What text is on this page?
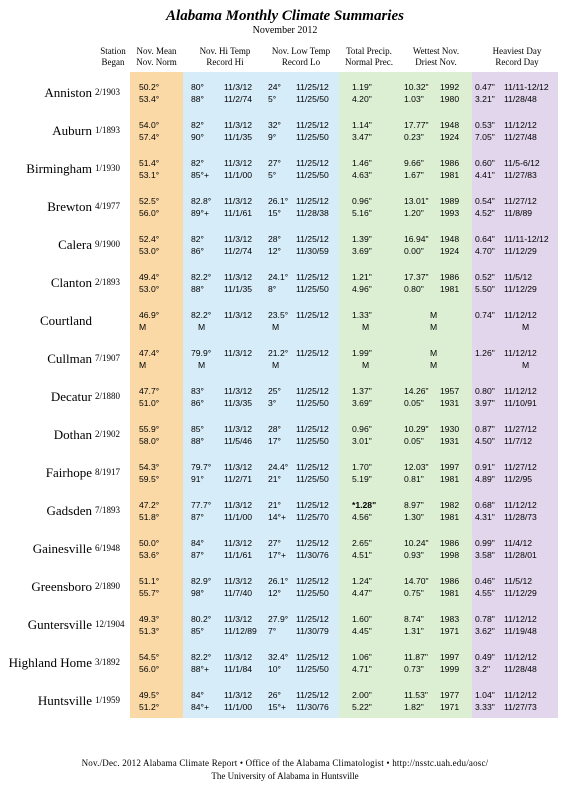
Alabama Monthly Climate Summaries
November 2012
Station
Began
Nov. Mean
Nov. Norm
Nov. Hi Temp
Record Hi
Nov. Low Temp
Record Lo
Total Precip.
Normal Prec.
Wettest Nov.
Driest Nov.
Heaviest Day
Record Day
Anniston 2/1903 50.2°
53.4°
80° 11/3/12
88° 11/2/74
24° 11/25/12
5° 11/25/50
1.19"
4.20"
10.32" 1992
1.03" 1980
0.47" 11/11-12/12
3.21" 11/28/48
Auburn 1/1893 54.0°
57.4°
82° 11/3/12
90° 11/1/35
32° 11/25/12
9° 11/25/50
1.14"
3.47"
17.77" 1948
0.23" 1924
0.53" 11/12/12
7.05" 11/27/48
Birmingham 1/1930 51.4°
53.1°
82° 11/3/12
85°+ 11/1/00
27° 11/25/12
5° 11/25/50
1.46"
4.63"
9.66" 1986
1.67" 1981
0.60" 11/5-6/12
4.41" 11/27/83
Brewton 4/1977 52.5°
56.0°
82.8° 11/3/12
89°+ 11/1/61
26.1° 11/25/12
15° 11/28/38
0.96"
5.16"
13.01" 1989
1.20" 1993
0.54" 11/27/12
4.52" 11/8/89
Calera 9/1900 52.4°
53.0°
82° 11/3/12
86° 11/2/74
28° 11/25/12
12° 11/30/59
1.39"
3.69"
16.94" 1948
0.00" 1924
0.64" 11/11-12/12
4.70" 11/12/29
Clanton 2/1893 49.4°
53.0°
82.2° 11/3/12
88° 11/1/35
24.1° 11/25/12
8° 11/25/50
1.21"
4.96"
17.37" 1986
0.80" 1981
0.52" 11/5/12
5.50" 11/12/29
Courtland	46.9°
M
82.2° 11/3/12
M
23.5° 11/25/12
M
1.33"
M
M
M
0.74" 11/12/12
M
Cullman 7/1907 47.4°
M
79.9° 11/3/12
M
21.2° 11/25/12
M
1.99"
M
M
M
1.26" 11/12/12
M
Decatur 2/1880 47.7°
51.0°
83° 11/3/12
86° 11/3/35
25° 11/25/12
3° 11/25/50
1.37"
3.69"
14.26" 1957
0.05" 1931
0.80" 11/12/12
3.97" 11/10/91
Dothan 2/1902 55.9°
58.0°
85° 11/3/12
88° 11/5/46
28° 11/25/12
17° 11/25/50
0.96"
3.01"
10.29" 1930
0.05" 1931
0.87" 11/27/12
4.50" 11/7/12
Fairhope 8/1917 54.3°
59.5°
79.7° 11/3/12
91° 11/2/71
24.4° 11/25/12
21° 11/25/50
1.70"
5.19"
12.03" 1997
0.81" 1981
0.91" 11/27/12
4.89" 11/2/95
Gadsden 7/1893 47.2°
51.8°
77.7° 11/3/12
87° 11/1/00
21° 11/25/12
14°+ 11/25/70
*1.28"
4.56"
8.97" 1982
1.30" 1981
0.68" 11/12/12
4.31" 11/28/73
Gainesville 6/1948 50.0°
53.6°
84° 11/3/12
87° 11/1/61
27° 11/25/12
17°+ 11/30/76
2.65"
4.51"
10.24" 1986
0.93" 1998
0.99" 11/4/12
3.58" 11/28/01
Greensboro 2/1890 51.1°
55.7°
82.9° 11/3/12
98° 11/7/40
26.1° 11/25/12
12° 11/25/50
1.24"
4.47"
14.70" 1986
0.75" 1981
0.46" 11/5/12
4.55" 11/12/29
Guntersville 12/1904 49.3°
51.3°
80.2° 11/3/12
85° 11/12/89
27.9° 11/25/12
7° 11/30/79
1.60"
4.45"
8.74" 1983
1.31" 1971
0.78" 11/12/12
3.62" 11/19/48
Highland Home 3/1892 54.5°
56.0°
82.2° 11/3/12
88°+ 11/1/84
32.4° 11/25/12
10° 11/25/50
1.06"
4.71"
11.87" 1997
0.73" 1999
0.49" 11/12/12
3.2" 11/28/48
Huntsville 1/1959 49.5°
51.2°
84° 11/3/12
84°+ 11/1/00
26° 11/25/12
15°+ 11/30/76
2.00"
5.22"
11.53" 1977
1.82" 1971
1.04" 11/12/12
3.33" 11/27/73
Nov./Dec. 2012 Alabama Climate Report • Office of the Alabama Climatologist • http://nsstc.uah.edu/aosc/
The University of Alabama in Huntsville
